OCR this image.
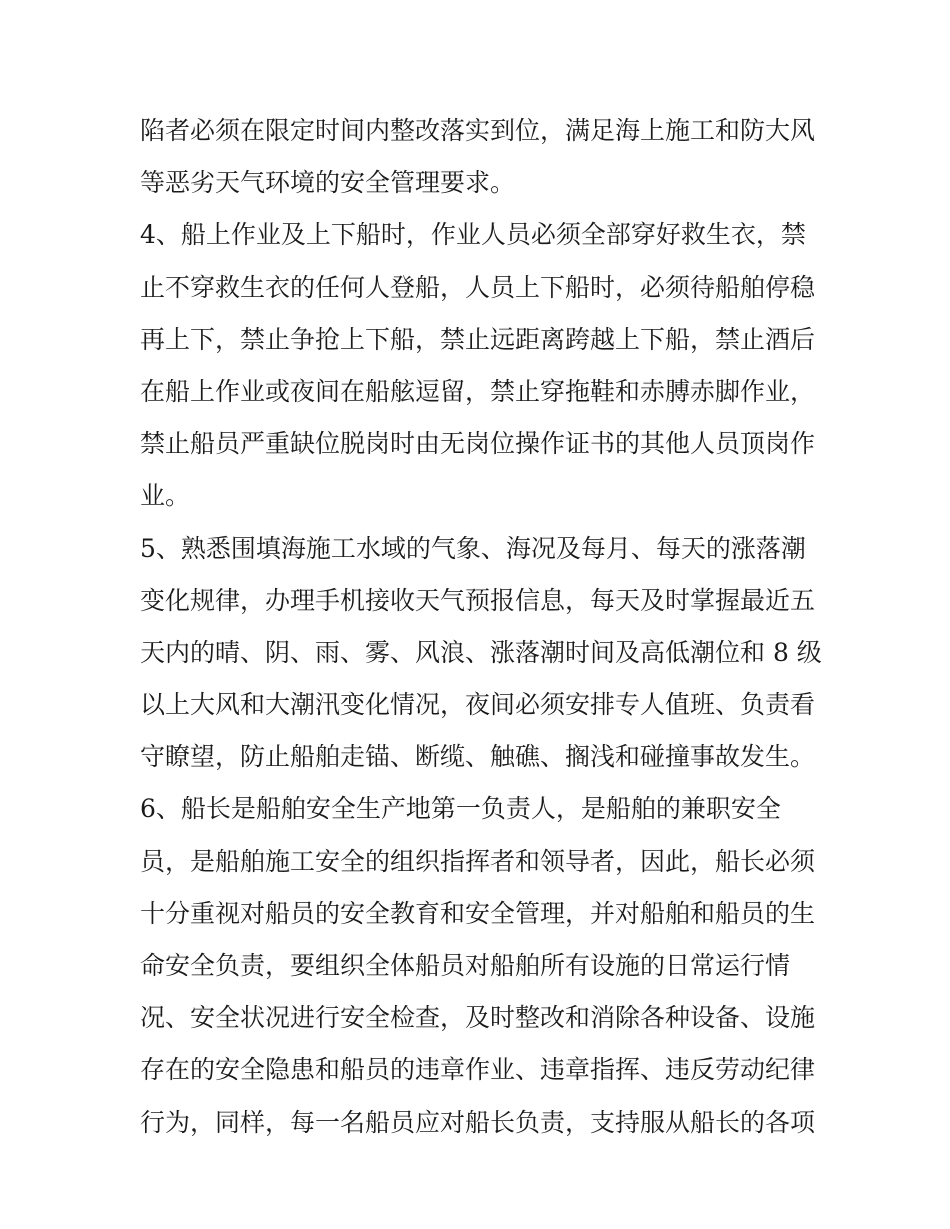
陷者必须在限定时间内整改落实到位，满足海上施工和防大风
等恶劣天气环境的安全管理要求。
4、船上作业及上下船时，作业人员必须全部穿好救生衣，禁
止不穿救生衣的任何人登船，人员上下船时，必须待船舶停稳
再上下，禁止争抢上下船，禁止远距离跨越上下船，禁止酒后
在船上作业或夜间在船舷逗留，禁止穿拖鞋和赤膊赤脚作业，
禁止船员严重缺位脱岗时由无岗位操作证书的其他人员顶岗作
业。
5、熟悉围填海施工水域的气象、海况及每月、每天的涨落潮
变化规律，办理手机接收天气预报信息，每天及时掌握最近五
天内的晴、阴、雨、雾、风浪、涨落潮时间及高低潮位和 8 级
以上大风和大潮汛变化情况，夜间必须安排专人值班、负责看
守瞭望，防止船舶走锚、断缆、触礁、搁浅和碰撞事故发生。
6、船长是船舶安全生产地第一负责人，是船舶的兼职安全
员，是船舶施工安全的组织指挥者和领导者，因此，船长必须
十分重视对船员的安全教育和安全管理，并对船舶和船员的生
命安全负责，要组织全体船员对船舶所有设施的日常运行情
况、安全状况进行安全检查，及时整改和消除各种设备、设施
存在的安全隐患和船员的违章作业、违章指挥、违反劳动纪律
行为，同样，每一名船员应对船长负责，支持服从船长的各项
